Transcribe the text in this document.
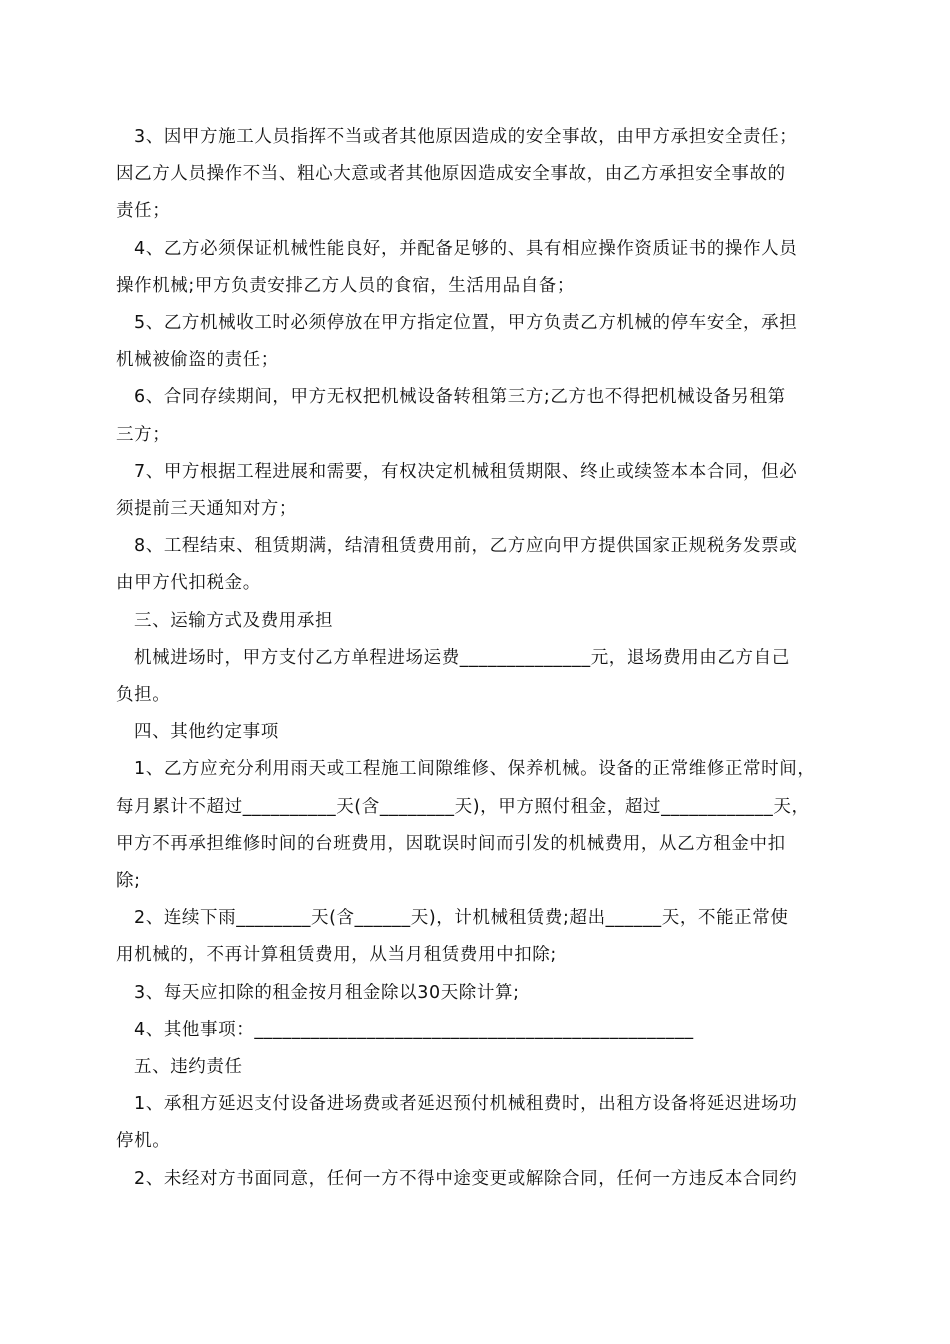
3、因甲方施工人员指挥不当或者其他原因造成的安全事故，由甲方承担安全责任；

因乙方人员操作不当、粗心大意或者其他原因造成安全事故，由乙方承担安全事故的

责任；

4、乙方必须保证机械性能良好，并配备足够的、具有相应操作资质证书的操作人员

操作机械;甲方负责安排乙方人员的食宿，生活用品自备；

5、乙方机械收工时必须停放在甲方指定位置，甲方负责乙方机械的停车安全，承担

机械被偷盗的责任；

6、合同存续期间，甲方无权把机械设备转租第三方;乙方也不得把机械设备另租第

三方；

7、甲方根据工程进展和需要，有权决定机械租赁期限、终止或续签本本合同，但必

须提前三天通知对方；

8、工程结束、租赁期满，结清租赁费用前，乙方应向甲方提供国家正规税务发票或

由甲方代扣税金。

三、运输方式及费用承担

机械进场时，甲方支付乙方单程进场运费______________元，退场费用由乙方自己

负担。

四、其他约定事项

1、乙方应充分利用雨天或工程施工间隙维修、保养机械。设备的正常维修正常时间，

每月累计不超过__________天(含________天)，甲方照付租金，超过____________天，

甲方不再承担维修时间的台班费用，因耽误时间而引发的机械费用，从乙方租金中扣

除;

2、连续下雨________天(含______天)，计机械租赁费;超出______天，不能正常使

用机械的，不再计算租赁费用，从当月租赁费用中扣除;

3、每天应扣除的租金按月租金除以30天除计算;

4、其他事项：_______________________________________________

五、违约责任

1、承租方延迟支付设备进场费或者延迟预付机械租费时，出租方设备将延迟进场功

停机。

2、未经对方书面同意，任何一方不得中途变更或解除合同，任何一方违反本合同约
